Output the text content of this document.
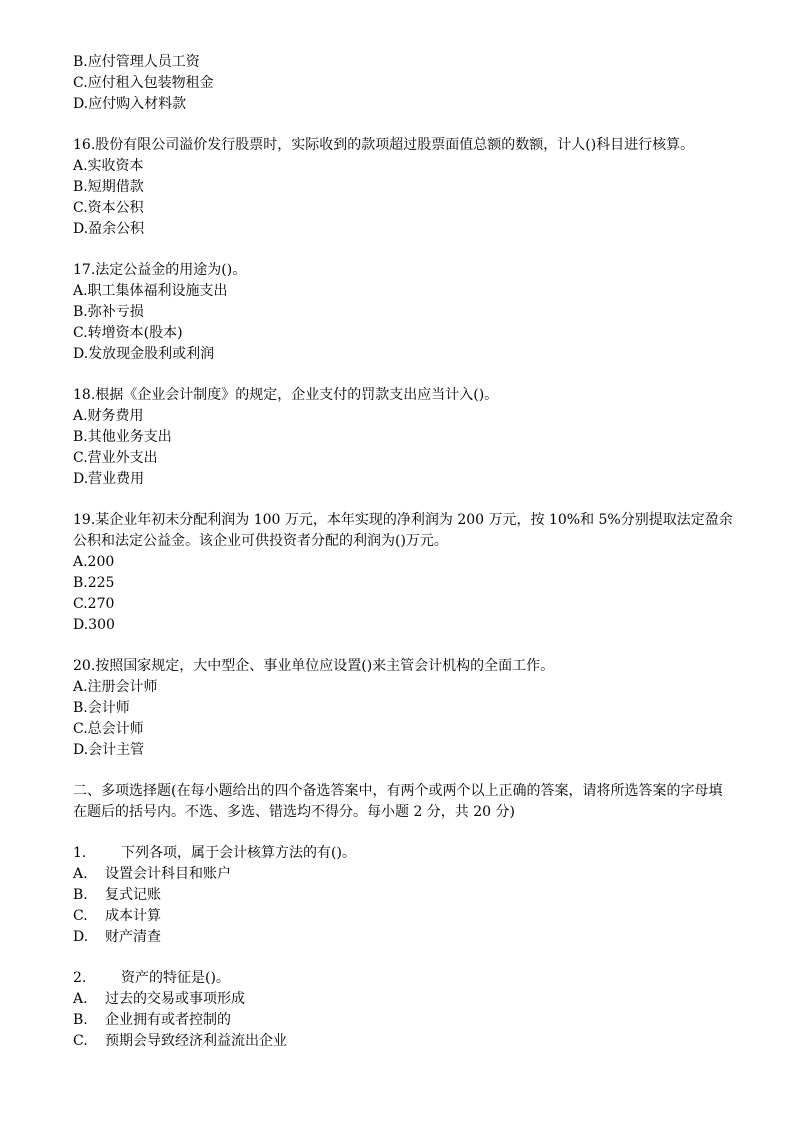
B.应付管理人员工资
C.应付租入包装物租金
D.应付购入材料款
16.股份有限公司溢价发行股票时，实际收到的款项超过股票面值总额的数额，计人()科目进行核算。
A.实收资本
B.短期借款
C.资本公积
D.盈余公积
17.法定公益金的用途为()。
A.职工集体福利设施支出
B.弥补亏损
C.转增资本(股本)
D.发放现金股利或利润
18.根据《企业会计制度》的规定，企业支付的罚款支出应当计入()。
A.财务费用
B.其他业务支出
C.营业外支出
D.营业费用
19.某企业年初未分配利润为 100 万元，本年实现的净利润为 200 万元，按 10%和 5%分别提取法定盈余公积和法定公益金。该企业可供投资者分配的利润为()万元。
A.200
B.225
C.270
D.300
20.按照国家规定，大中型企、事业单位应设置()来主管会计机构的全面工作。
A.注册会计师
B.会计师
C.总会计师
D.会计主管
二、多项选择题(在每小题给出的四个备选答案中，有两个或两个以上正确的答案，请将所选答案的字母填在题后的括号内。不选、多选、错选均不得分。每小题 2 分，共 20 分)
1. 下列各项，属于会计核算方法的有()。
A. 设置会计科目和账户
B. 复式记账
C. 成本计算
D. 财产清查
2. 资产的特征是()。
A. 过去的交易或事项形成
B. 企业拥有或者控制的
C. 预期会导致经济利益流出企业
